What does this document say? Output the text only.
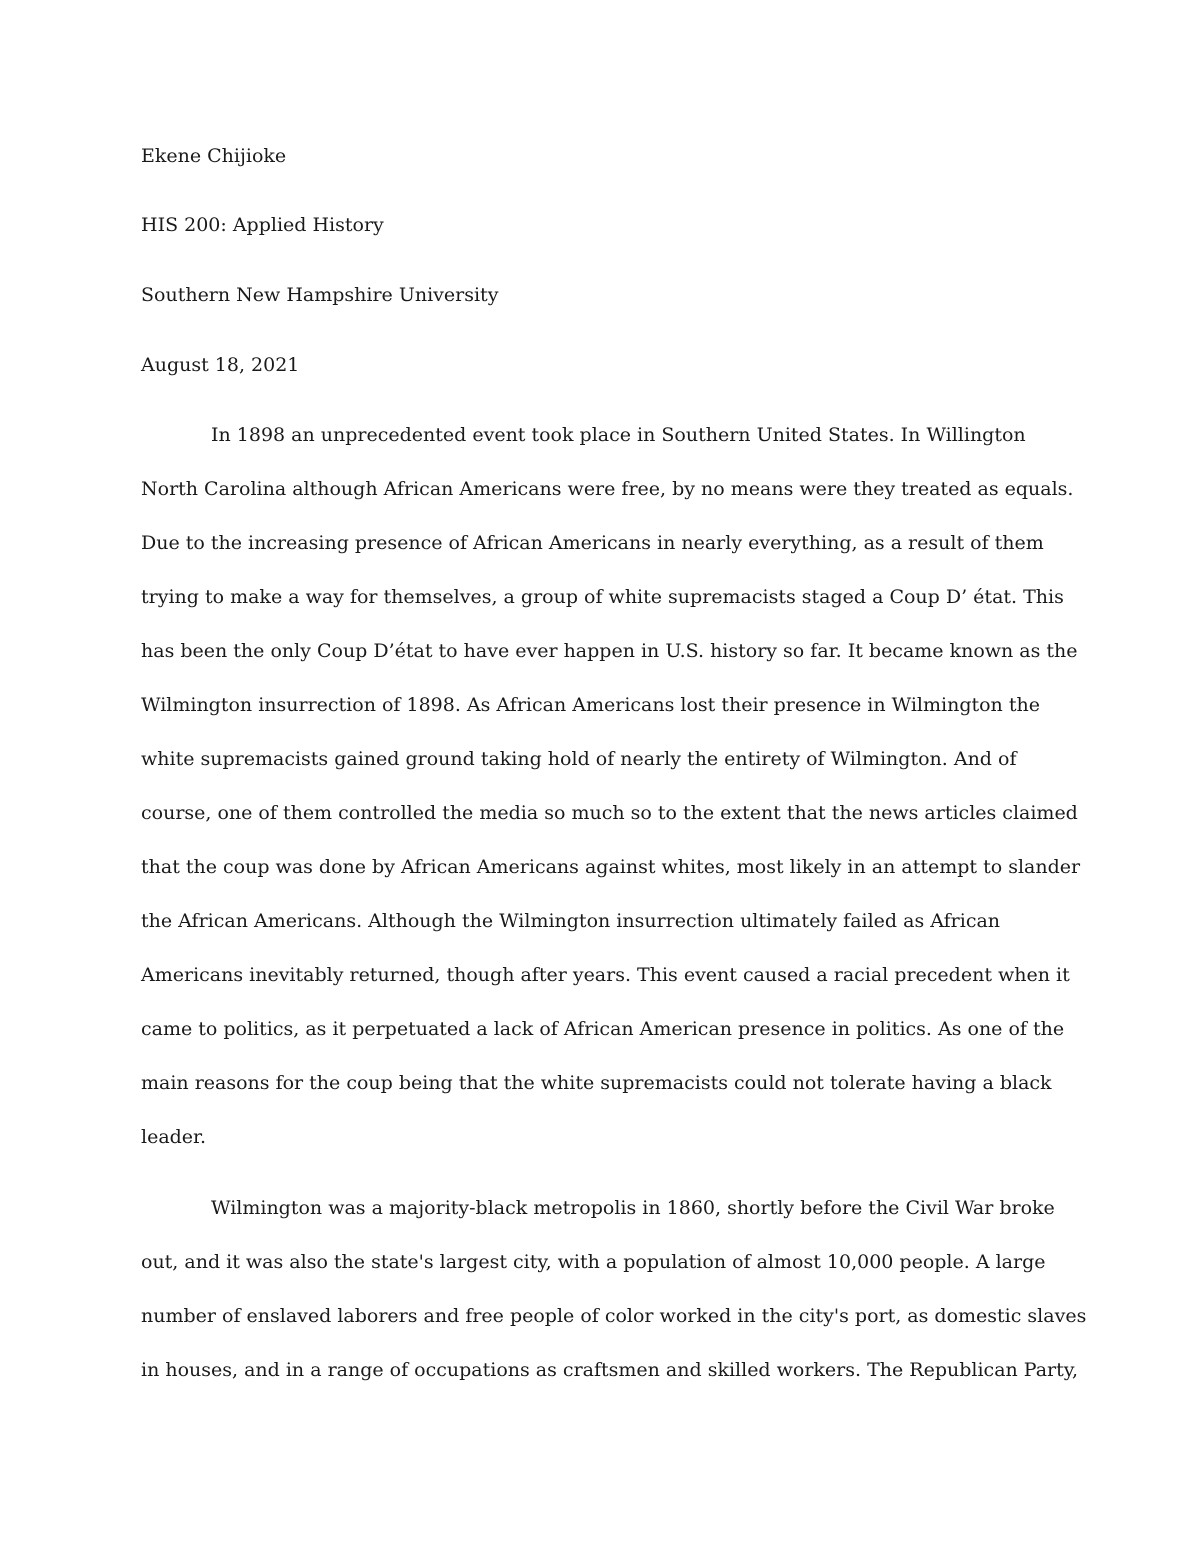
Ekene Chijioke
HIS 200: Applied History
Southern New Hampshire University
August 18, 2021
In 1898 an unprecedented event took place in Southern United States. In Willington
North Carolina although African Americans were free, by no means were they treated as equals.
Due to the increasing presence of African Americans in nearly everything, as a result of them
trying to make a way for themselves, a group of white supremacists staged a Coup D’ état. This
has been the only Coup D’état to have ever happen in U.S. history so far. It became known as the
Wilmington insurrection of 1898. As African Americans lost their presence in Wilmington the
white supremacists gained ground taking hold of nearly the entirety of Wilmington. And of
course, one of them controlled the media so much so to the extent that the news articles claimed
that the coup was done by African Americans against whites, most likely in an attempt to slander
the African Americans. Although the Wilmington insurrection ultimately failed as African
Americans inevitably returned, though after years. This event caused a racial precedent when it
came to politics, as it perpetuated a lack of African American presence in politics. As one of the
main reasons for the coup being that the white supremacists could not tolerate having a black
leader.
Wilmington was a majority-black metropolis in 1860, shortly before the Civil War broke
out, and it was also the state's largest city, with a population of almost 10,000 people. A large
number of enslaved laborers and free people of color worked in the city's port, as domestic slaves
in houses, and in a range of occupations as craftsmen and skilled workers. The Republican Party,
